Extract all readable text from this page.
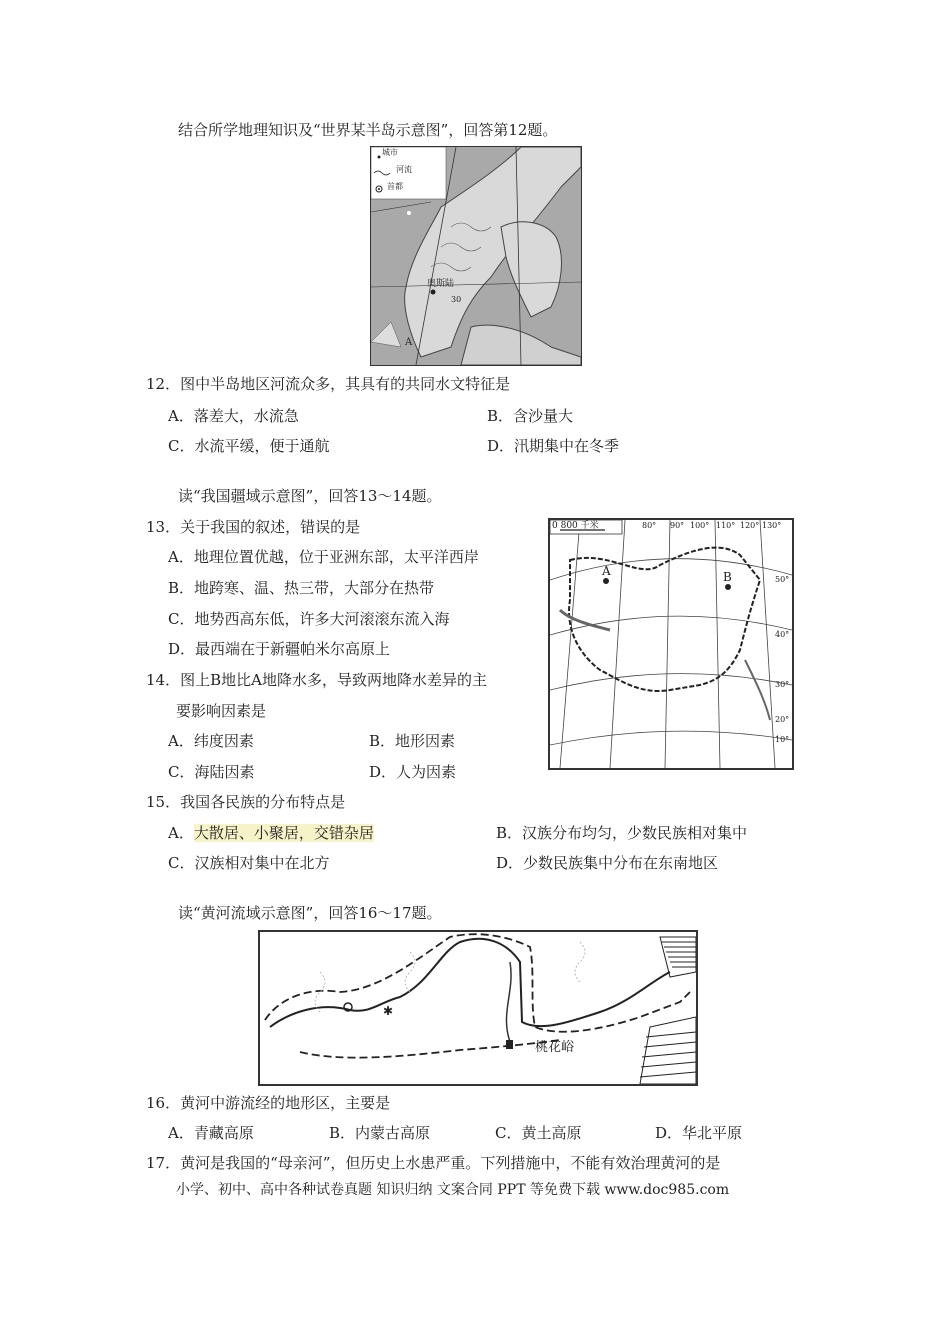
结合所学地理知识及“世界某半岛示意图”，回答第12题。
城市
河流
首都
奥斯陆
30
A
12．图中半岛地区河流众多，其具有的共同水文特征是
A．落差大，水流急	B．含沙量大
C．水流平缓，便于通航	D．汛期集中在冬季
读“我国疆域示意图”，回答13～14题。
13．关于我国的叙述，错误的是
A．地理位置优越，位于亚洲东部，太平洋西岸
B．地跨寒、温、热三带，大部分在热带
C．地势西高东低，许多大河滚滚东流入海
D．最西端在于新疆帕米尔高原上
0 800 千米
A	B	50°
40°
30°
20°
10°
80° 90° 100° 110° 120° 130°
14．图上B地比A地降水多，导致两地降水差异的主
要影响因素是
A．纬度因素	B．地形因素
C．海陆因素	D．人为因素
15．我国各民族的分布特点是
A．大散居、小聚居，交错杂居	B．汉族分布均匀，少数民族相对集中
C．汉族相对集中在北方	D．少数民族集中分布在东南地区
读“黄河流域示意图”，回答16～17题。
✱
桃花峪
16．黄河中游流经的地形区，主要是
A．青藏高原	B．内蒙古高原	C．黄土高原	D．华北平原
17．黄河是我国的“母亲河”，但历史上水患严重。下列措施中，不能有效治理黄河的是
小学、初中、高中各种试卷真题 知识归纳 文案合同 PPT 等免费下载 www.doc985.com
